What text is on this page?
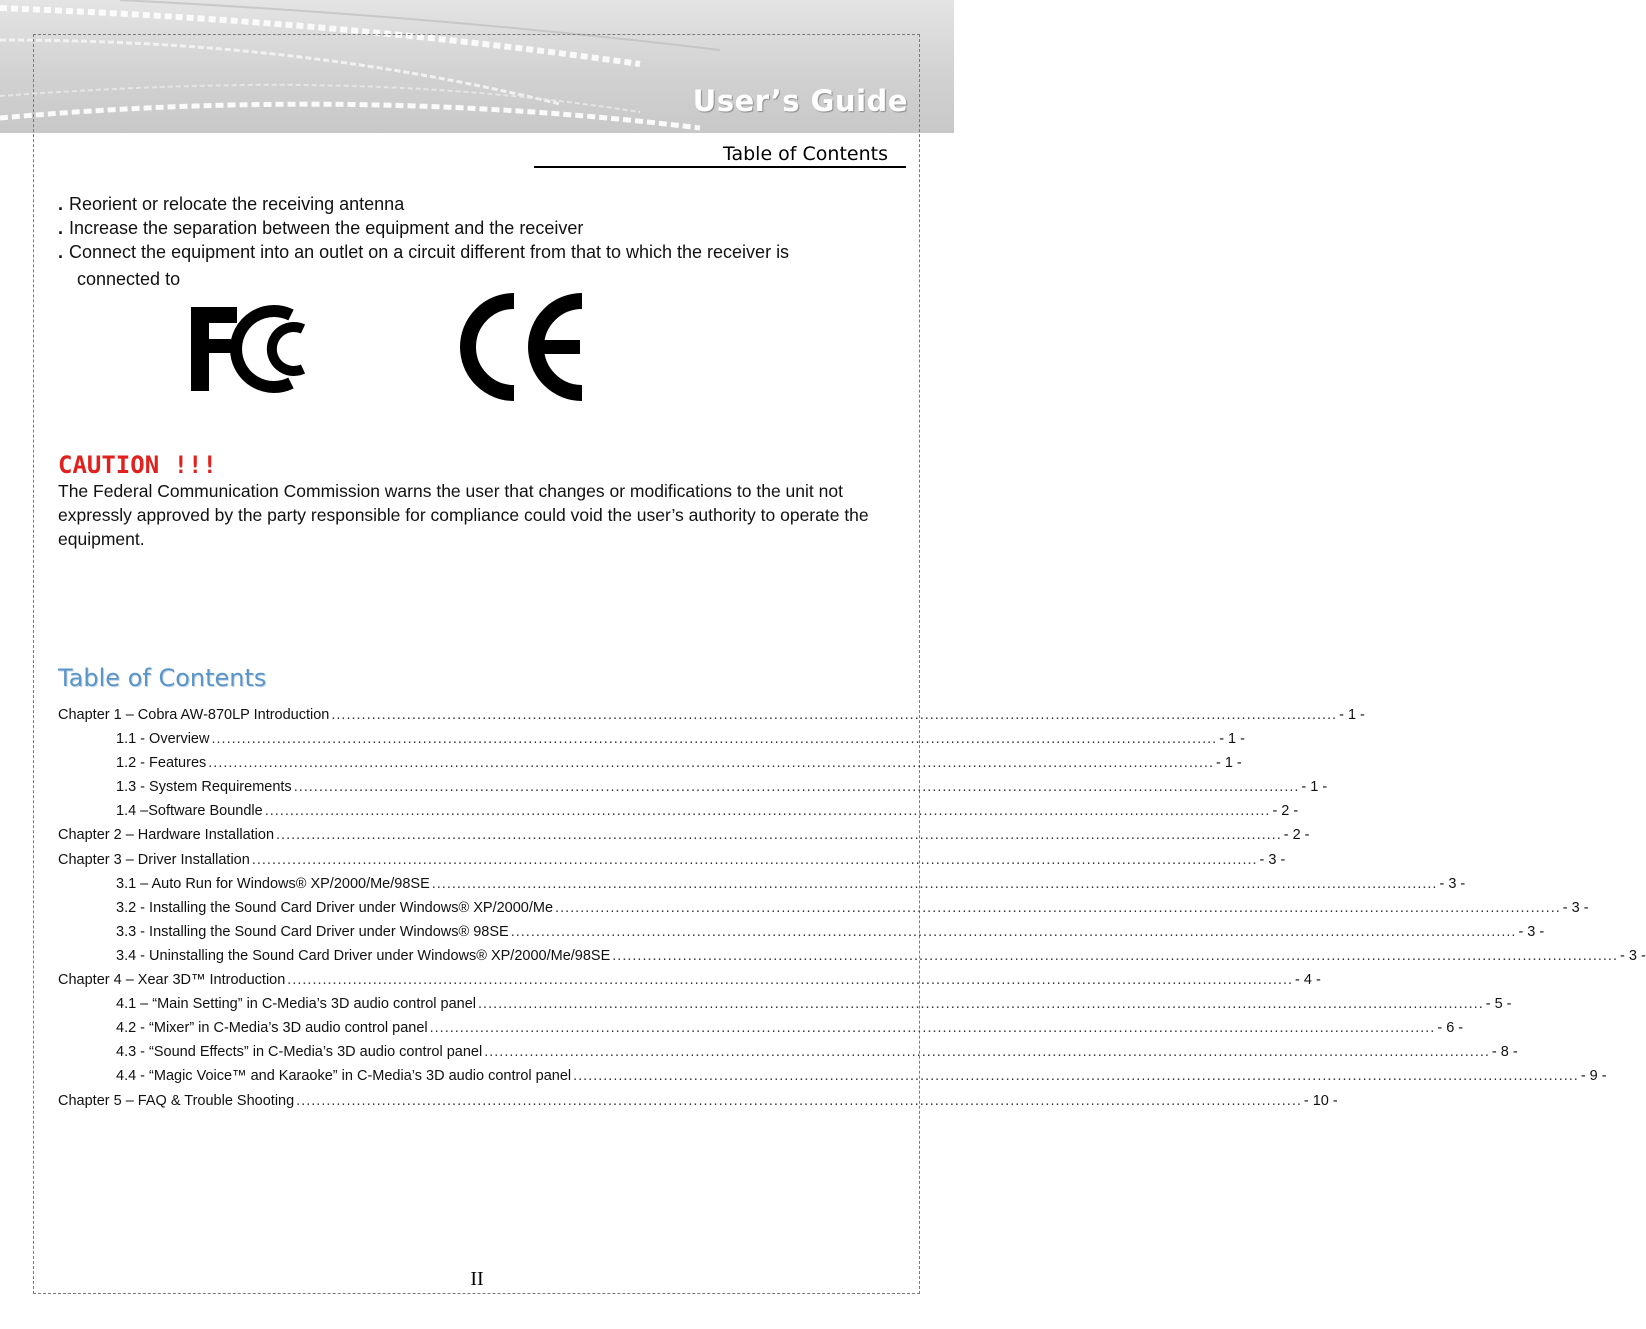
User’s Guide
Table of Contents
. Reorient or relocate the receiving antenna
. Increase the separation between the equipment and the receiver
. Connect the equipment into an outlet on a circuit different from that to which the receiver is
connected to
CAUTION !!!
The Federal Communication Commission warns the user that changes or modifications to the unit not expressly approved by the party responsible for compliance could void the user’s authority to operate the equipment.
Table of Contents
Chapter 1 – Cobra AW-870LP Introduction ........................................................................................................................................................................................................ - 1 -
1.1 - Overview ........................................................................................................................................................................................................ - 1 -
1.2 - Features ........................................................................................................................................................................................................ - 1 -
1.3 - System Requirements ........................................................................................................................................................................................................ - 1 -
1.4 –Software Boundle ........................................................................................................................................................................................................ - 2 -
Chapter 2 – Hardware Installation ........................................................................................................................................................................................................ - 2 -
Chapter 3 – Driver Installation ........................................................................................................................................................................................................ - 3 -
3.1 – Auto Run for Windows® XP/2000/Me/98SE ........................................................................................................................................................................................................ - 3 -
3.2 - Installing the Sound Card Driver under Windows® XP/2000/Me ........................................................................................................................................................................................................ - 3 -
3.3 - Installing the Sound Card Driver under Windows® 98SE ........................................................................................................................................................................................................ - 3 -
3.4 - Uninstalling the Sound Card Driver under Windows® XP/2000/Me/98SE ........................................................................................................................................................................................................ - 3 -
Chapter 4 – Xear 3D™ Introduction ........................................................................................................................................................................................................ - 4 -
4.1 – “Main Setting” in C-Media’s 3D audio control panel ........................................................................................................................................................................................................ - 5 -
4.2 - “Mixer” in C-Media’s 3D audio control panel ........................................................................................................................................................................................................ - 6 -
4.3 - “Sound Effects” in C-Media’s 3D audio control panel ........................................................................................................................................................................................................ - 8 -
4.4 - “Magic Voice™ and Karaoke” in C-Media’s 3D audio control panel ........................................................................................................................................................................................................ - 9 -
Chapter 5 – FAQ & Trouble Shooting ........................................................................................................................................................................................................ - 10 -
II
